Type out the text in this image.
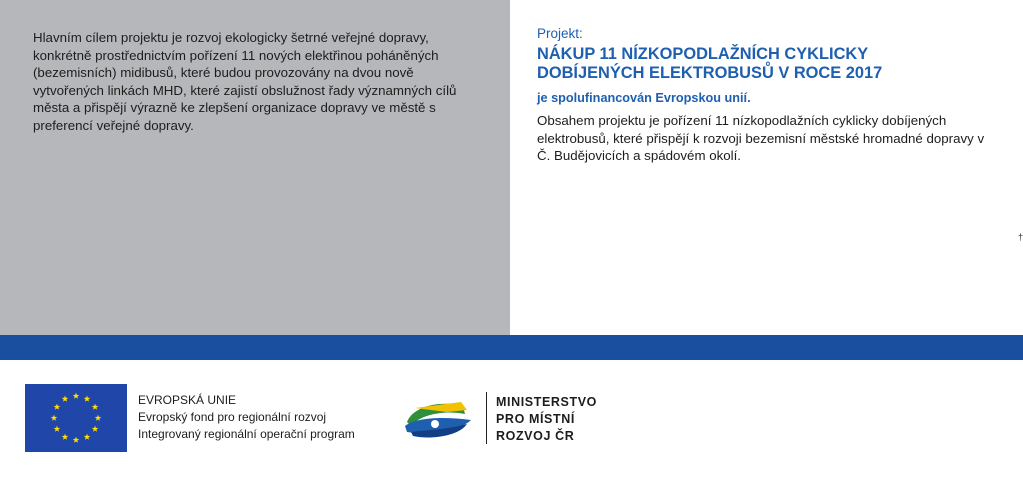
Hlavním cílem projektu je rozvoj ekologicky šetrné veřejné dopravy, konkrétně prostřednictvím pořízení 11 nových elektřinou poháněných (bezemisních) midibusů, které budou provozovány na dvou nově vytvořených linkách MHD, které zajistí obslužnost řady významných cílů města a přispějí výrazně ke zlepšení organizace dopravy ve městě s preferencí veřejné dopravy.

Projekt:

NÁKUP 11 NÍZKOPODLAŽNÍCH CYKLICKY DOBÍJENÝCH ELEKTROBUSŮ V ROCE 2017

je spolufinancován Evropskou unií.

Obsahem projektu je pořízení 11 nízkopodlažních cyklicky dobíjených elektrobusů, které přispějí k rozvoji bezemisní městské hromadné dopravy v Č. Budějovicích a spádovém okolí.

†
EVROPSKÁ UNIE
Evropský fond pro regionální rozvoj
Integrovaný regionální operační program
MINISTERSTVO
PRO MÍSTNÍ
ROZVOJ ČR
